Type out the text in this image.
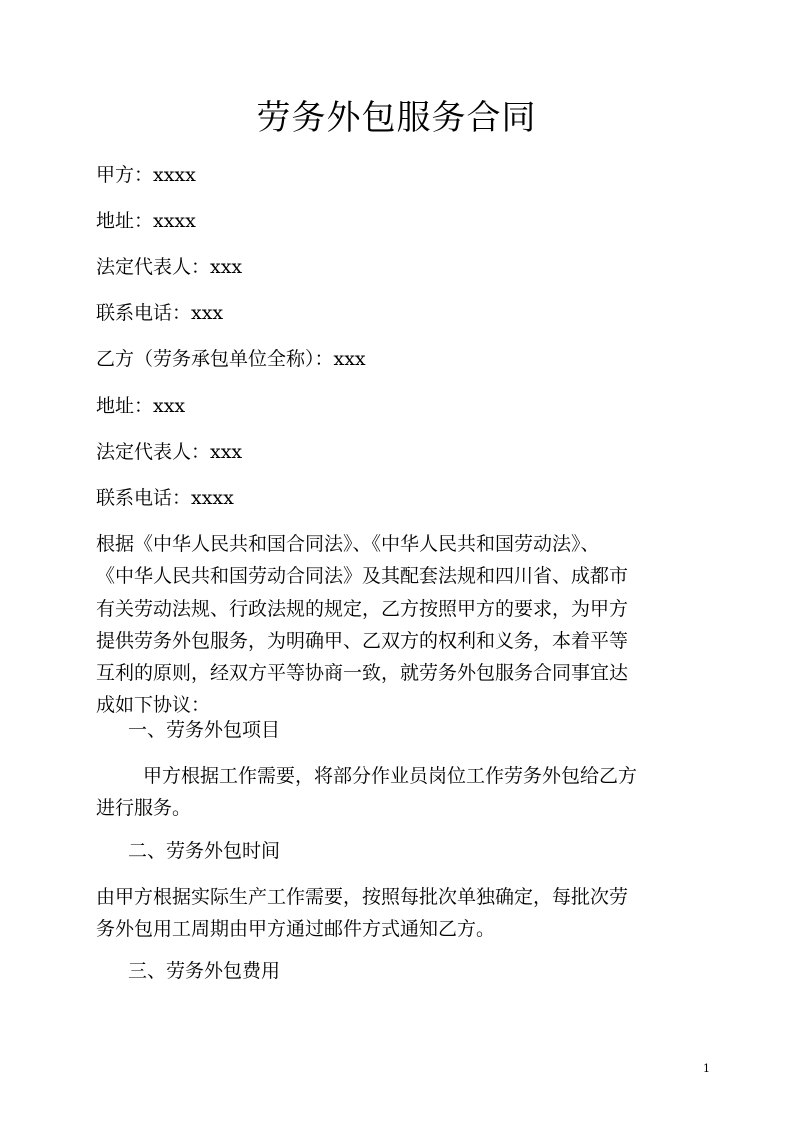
劳务外包服务合同
甲方：xxxx
地址：xxxx
法定代表人：xxx
联系电话：xxx
乙方（劳务承包单位全称）：xxx
地址：xxx
法定代表人：xxx
联系电话：xxxx
根据《中华人民共和国合同法》、《中华人民共和国劳动法》、
《中华人民共和国劳动合同法》及其配套法规和四川省、成都市
有关劳动法规、行政法规的规定，乙方按照甲方的要求，为甲方
提供劳务外包服务，为明确甲、乙双方的权利和义务，本着平等
互利的原则，经双方平等协商一致，就劳务外包服务合同事宜达
成如下协议：
一、劳务外包项目
　甲方根据工作需要，将部分作业员岗位工作劳务外包给乙方
进行服务。
二、劳务外包时间
由甲方根据实际生产工作需要，按照每批次单独确定，每批次劳
务外包用工周期由甲方通过邮件方式通知乙方。
三、劳务外包费用
1
